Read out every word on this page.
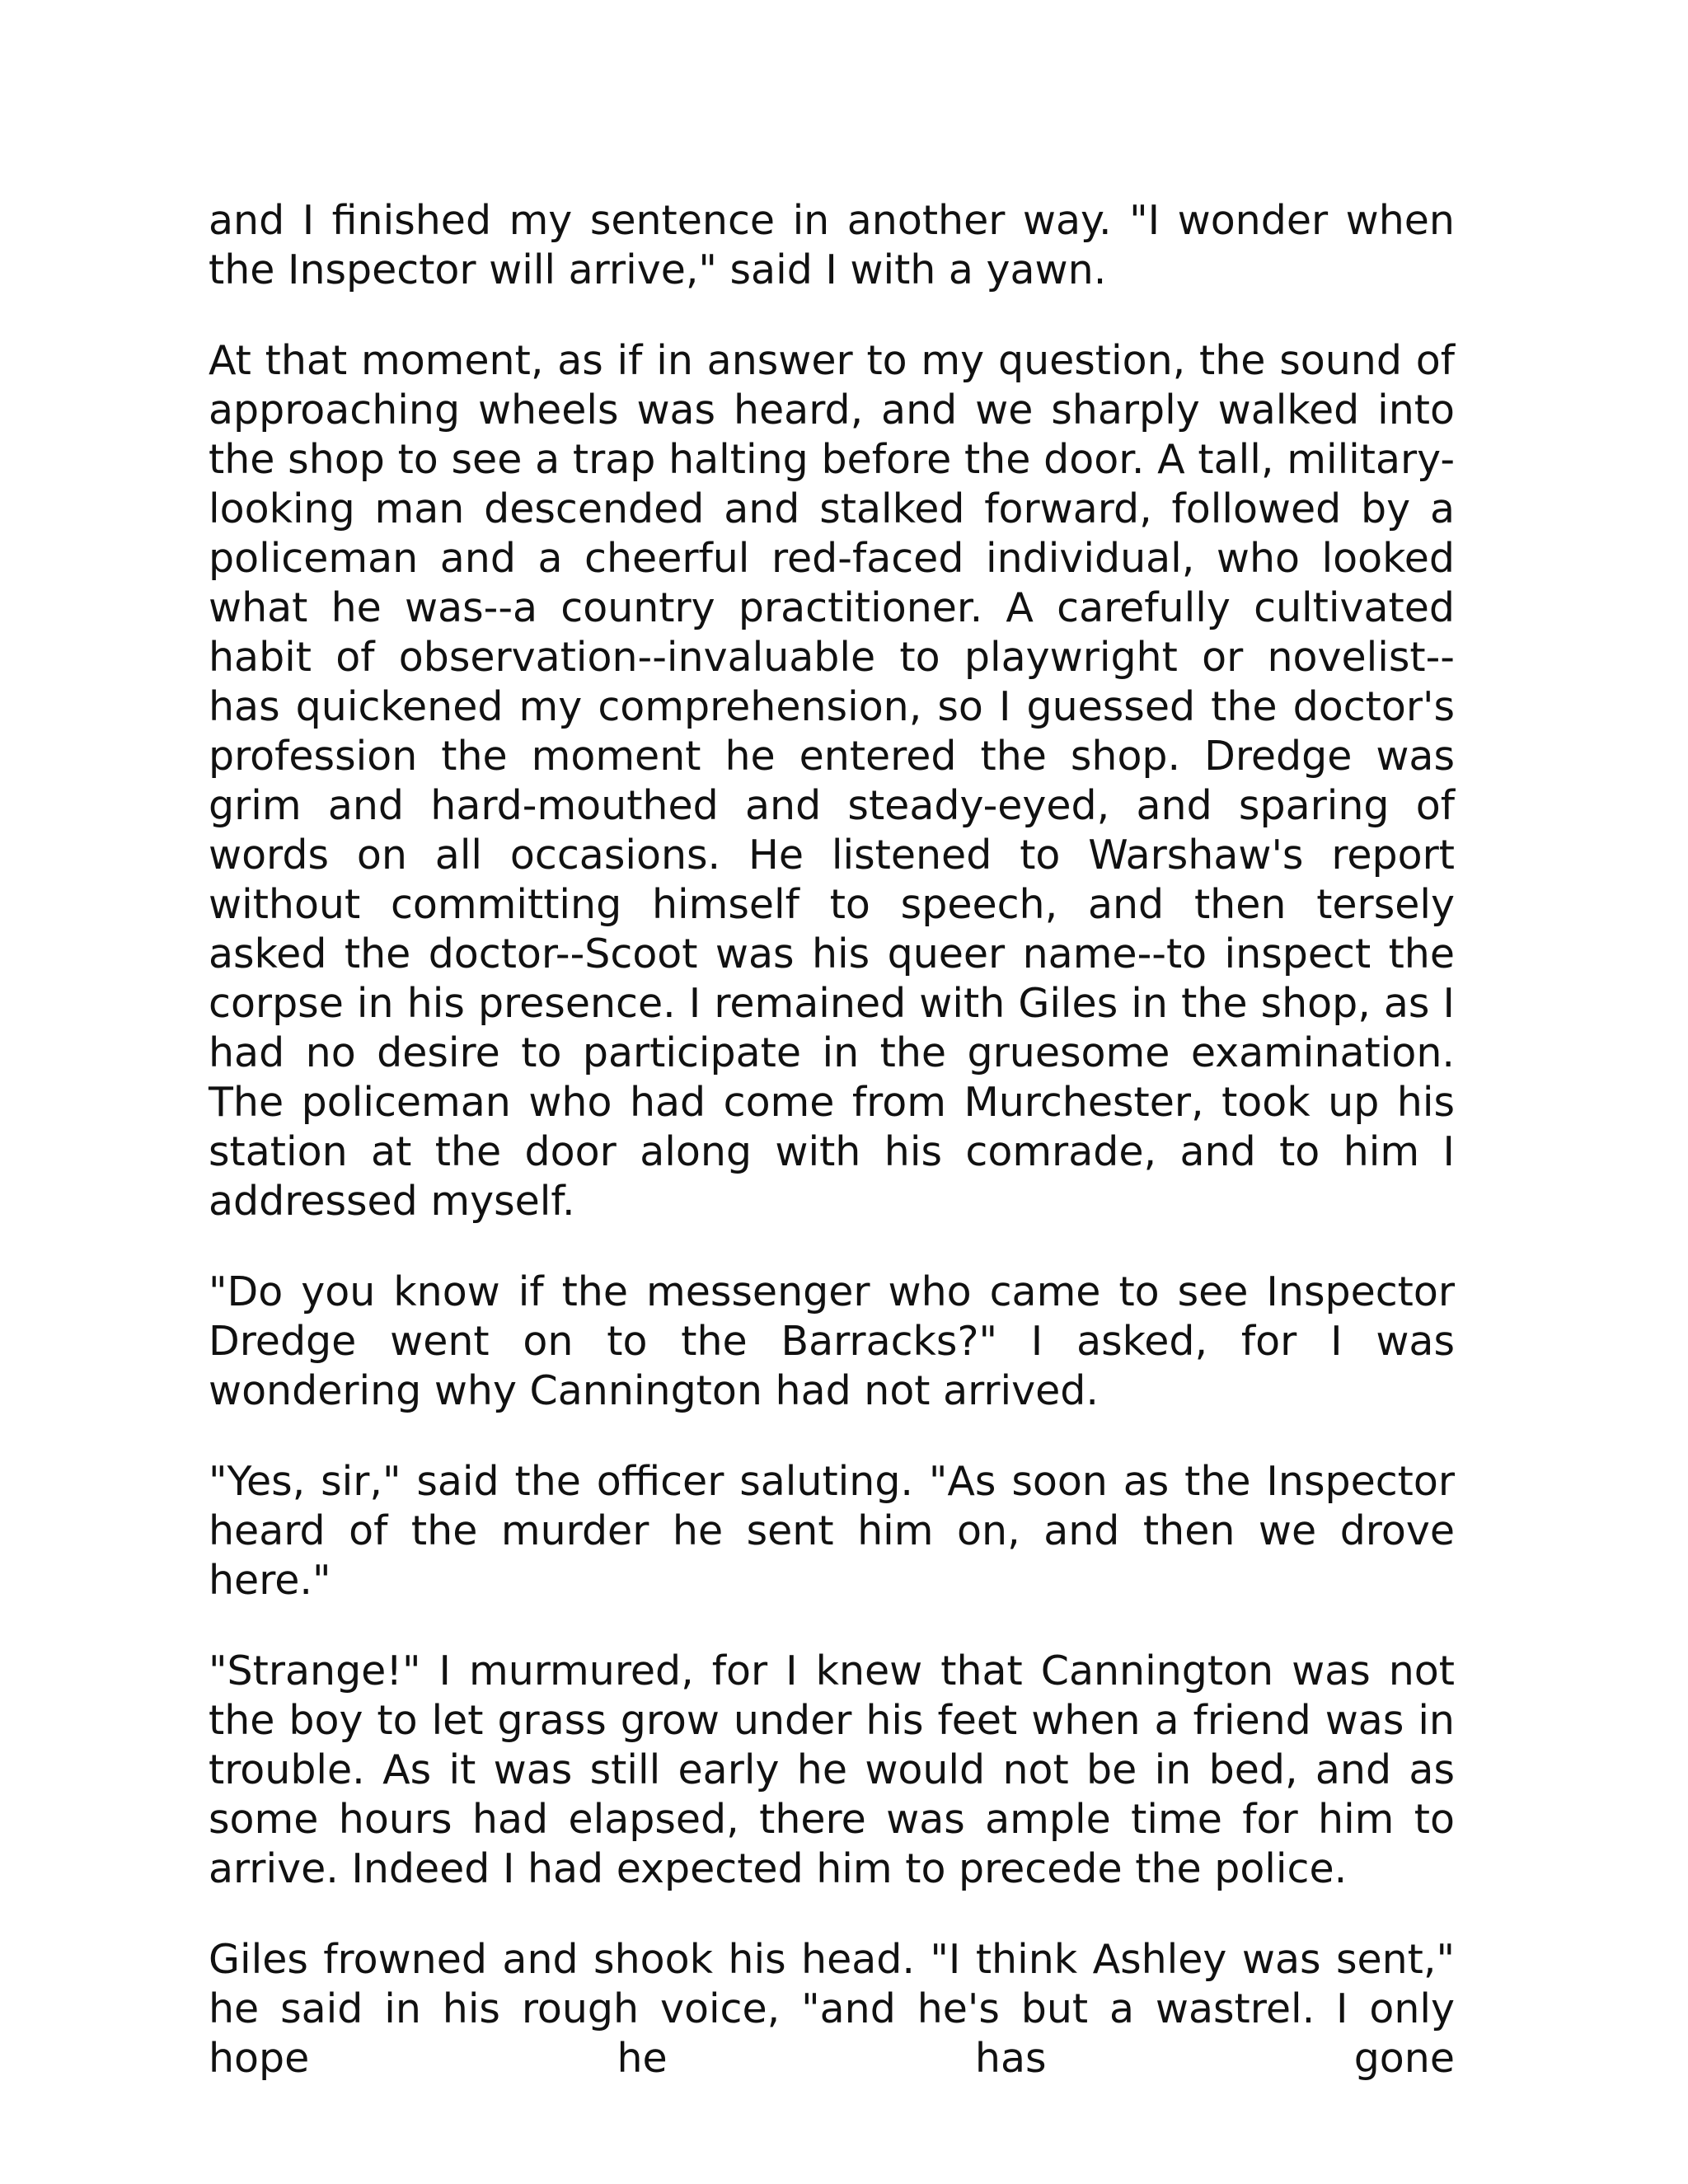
and I finished my sentence in another way. "I wonder when the Inspector will arrive," said I with a yawn.

At that moment, as if in answer to my question, the sound of approaching wheels was heard, and we sharply walked into the shop to see a trap halting before the door. A tall, military-looking man descended and stalked forward, followed by a policeman and a cheerful red-faced individual, who looked what he was--a country practitioner. A carefully cultivated habit of observation--invaluable to playwright or novelist--has quickened my comprehension, so I guessed the doctor's profession the moment he entered the shop. Dredge was grim and hard-mouthed and steady-eyed, and sparing of words on all occasions. He listened to Warshaw's report without committing himself to speech, and then tersely asked the doctor--Scoot was his queer name--to inspect the corpse in his presence. I remained with Giles in the shop, as I had no desire to participate in the gruesome examination. The policeman who had come from Murchester, took up his station at the door along with his comrade, and to him I addressed myself.

"Do you know if the messenger who came to see Inspector Dredge went on to the Barracks?" I asked, for I was wondering why Cannington had not arrived.

"Yes, sir," said the officer saluting. "As soon as the Inspector heard of the murder he sent him on, and then we drove here."

"Strange!" I murmured, for I knew that Cannington was not the boy to let grass grow under his feet when a friend was in trouble. As it was still early he would not be in bed, and as some hours had elapsed, there was ample time for him to arrive. Indeed I had expected him to precede the police.

Giles frowned and shook his head. "I think Ashley was sent," he said in his rough voice, "and he's but a wastrel. I only hope he has gone
